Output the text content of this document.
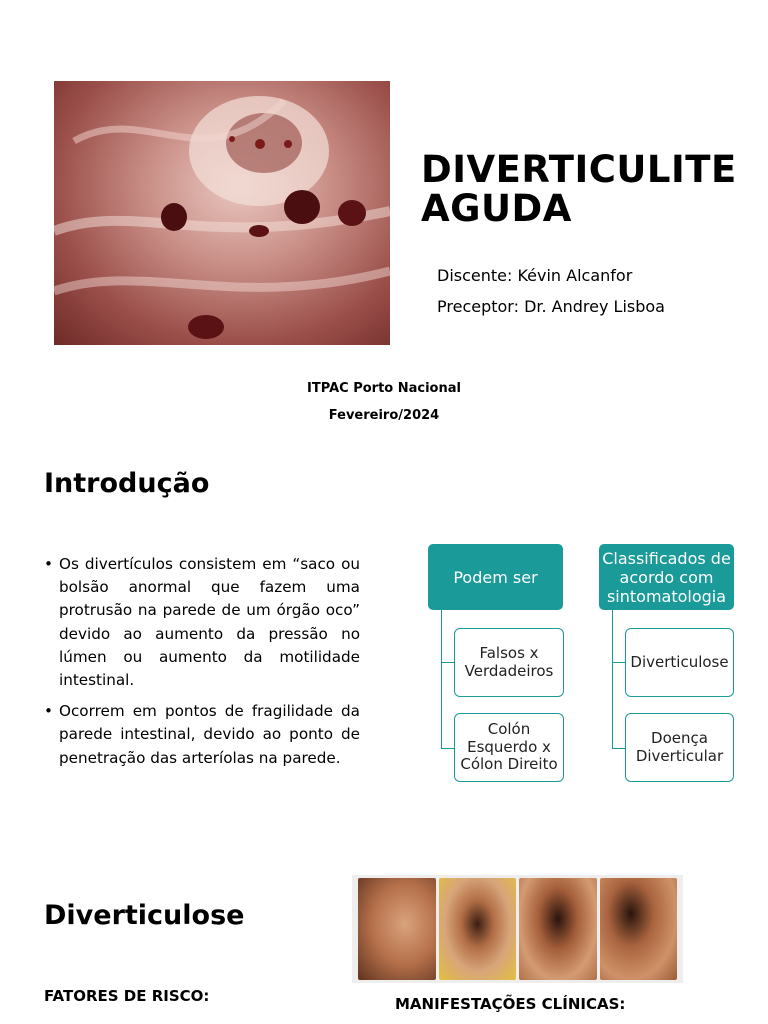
DIVERTICULITE AGUDA
Discente: Kévin Alcanfor
Preceptor: Dr. Andrey Lisboa
ITPAC Porto Nacional
Fevereiro/2024
Introdução
• Os divertículos consistem em “saco ou bolsão anormal que fazem uma protrusão na parede de um órgão oco” devido ao aumento da pressão no lúmen ou aumento da motilidade intestinal.
• Ocorrem em pontos de fragilidade da parede intestinal, devido ao ponto de penetração das arteríolas na parede.
Podem ser
Falsos x Verdadeiros
Colón Esquerdo x Cólon Direito
Classificados de acordo com sintomatologia
Diverticulose
Doença Diverticular
Diverticulose
FATORES DE RISCO:	MANIFESTAÇÕES CLÍNICAS:
